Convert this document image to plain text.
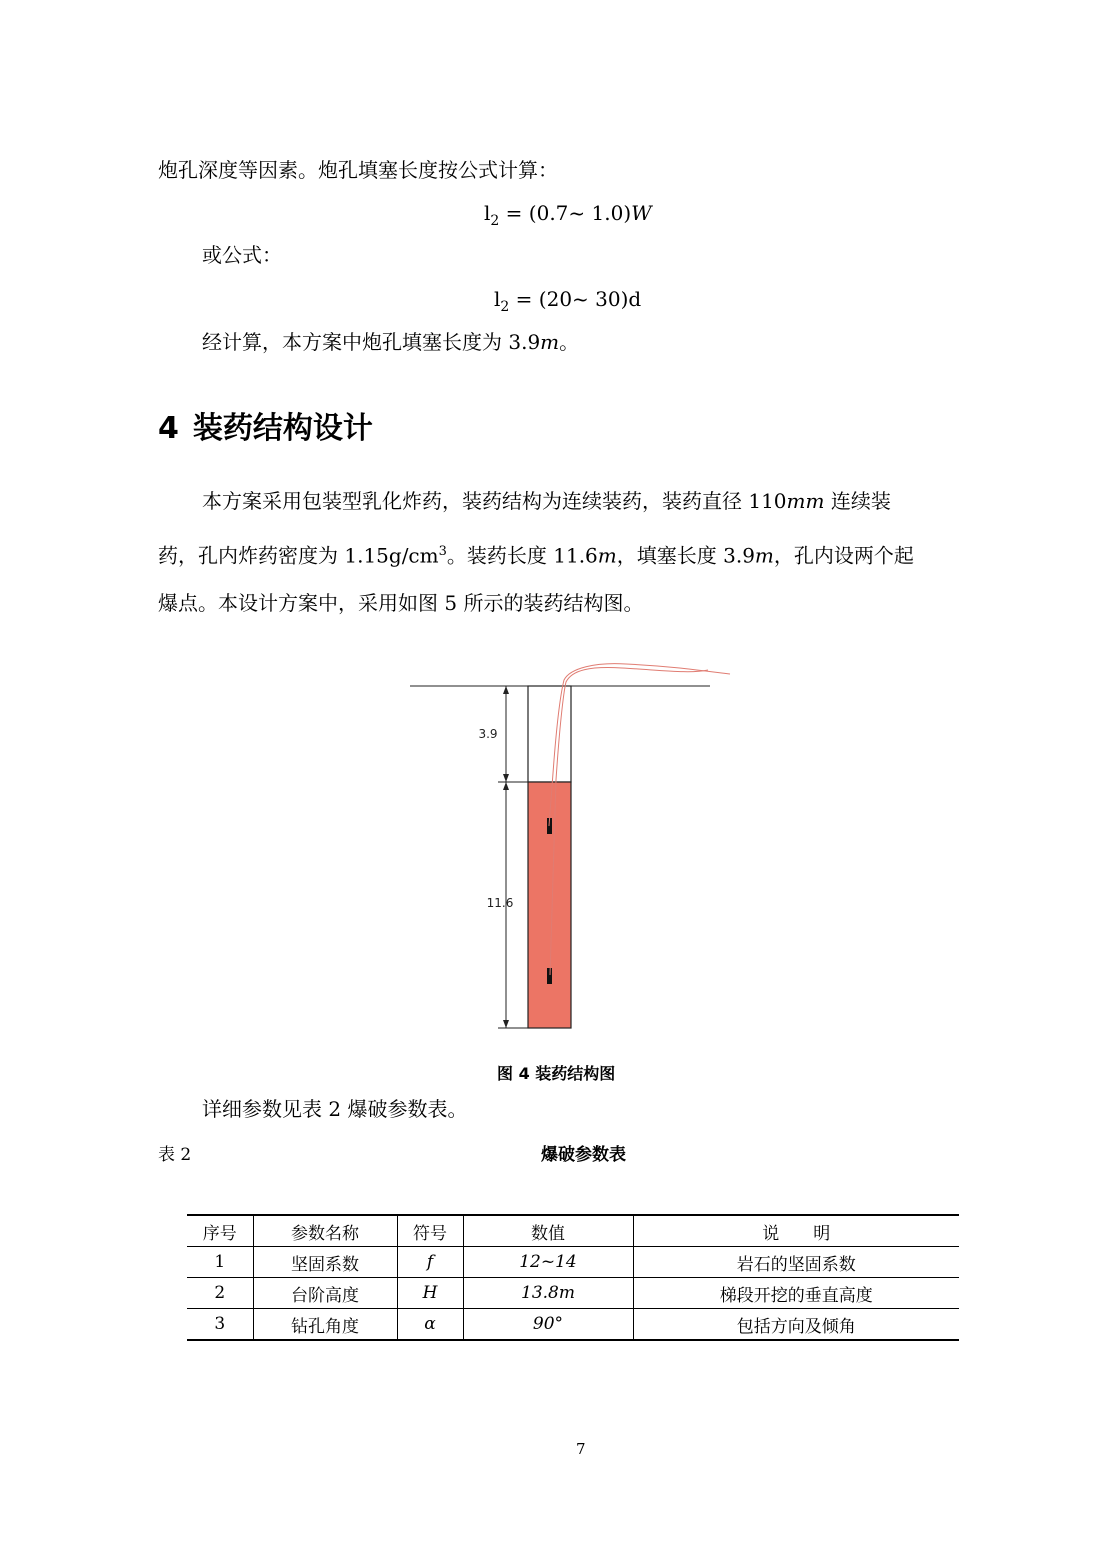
炮孔深度等因素。炮孔填塞长度按公式计算：
$l_2$ = (0.7~ 1.0)W
或公式：
$l_2$ = (20~ 30)d
经计算，本方案中炮孔填塞长度为 3.9m。
4 装药结构设计
本方案采用包装型乳化炸药，装药结构为连续装药，装药直径 110mm 连续装
药，孔内炸药密度为 $1.15g/cm^3$。装药长度 11.6m，填塞长度 3.9m，孔内设两个起
爆点。本设计方案中，采用如图 5 所示的装药结构图。
3.9
11.6
图 4 装药结构图
详细参数见表 2 爆破参数表。
表 2	爆破参数表
序号	参数名称	符号	数值	说　　明
1	坚固系数	f	12~14	岩石的坚固系数
2	台阶高度	H	13.8m	梯段开挖的垂直高度
3	钻孔角度	α	90°	包括方向及倾角
7
